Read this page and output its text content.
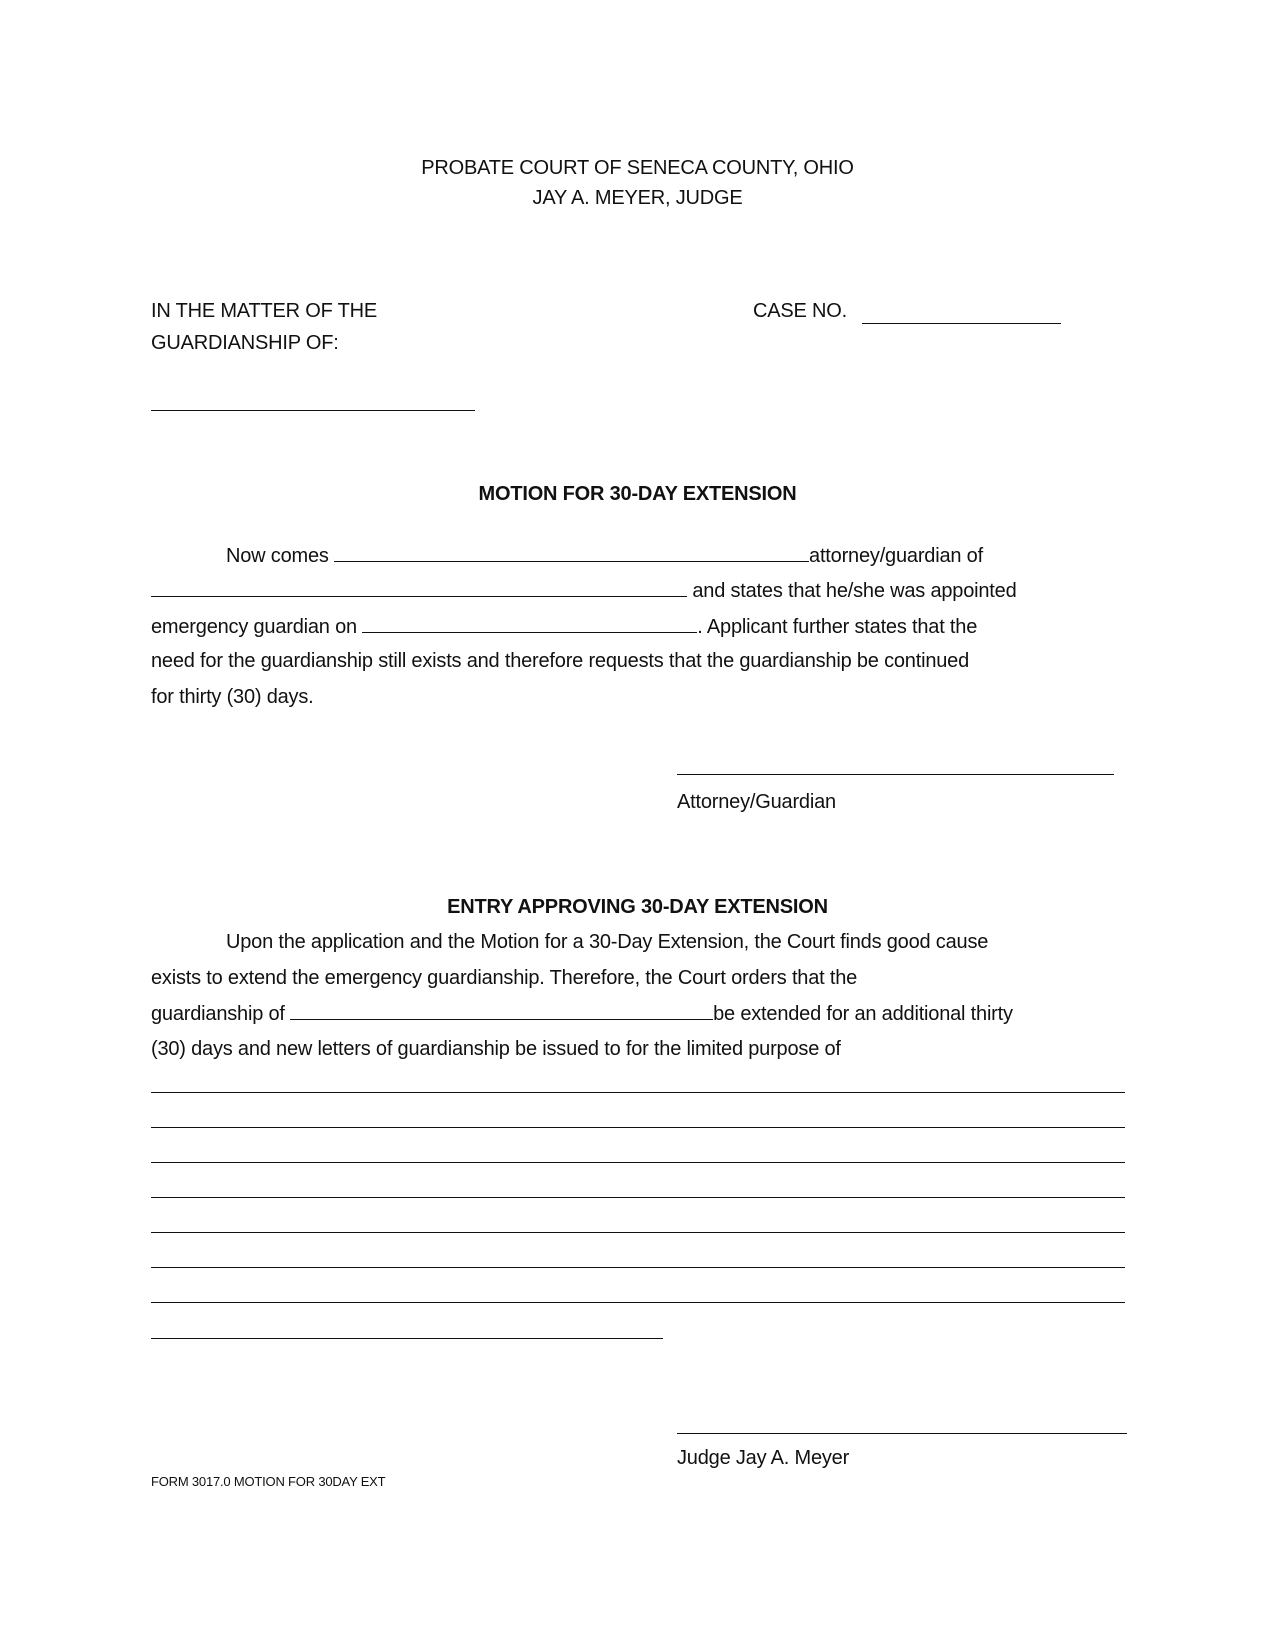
PROBATE COURT OF SENECA COUNTY, OHIO
JAY A. MEYER, JUDGE
IN THE MATTER OF THE
GUARDIANSHIP OF:
CASE NO.
MOTION FOR 30-DAY EXTENSION
Now comes	attorney/guardian of
and states that he/she was appointed
emergency guardian on	. Applicant further states that the
need for the guardianship still exists and therefore requests that the guardianship be continued
for thirty (30) days.
Attorney/Guardian
ENTRY APPROVING 30-DAY EXTENSION
Upon the application and the Motion for a 30-Day Extension, the Court finds good cause
exists to extend the emergency guardianship. Therefore, the Court orders that the
guardianship of	be extended for an additional thirty
(30) days and new letters of guardianship be issued to for the limited purpose of
Judge Jay A. Meyer
FORM 3017.0 MOTION FOR 30DAY EXT
